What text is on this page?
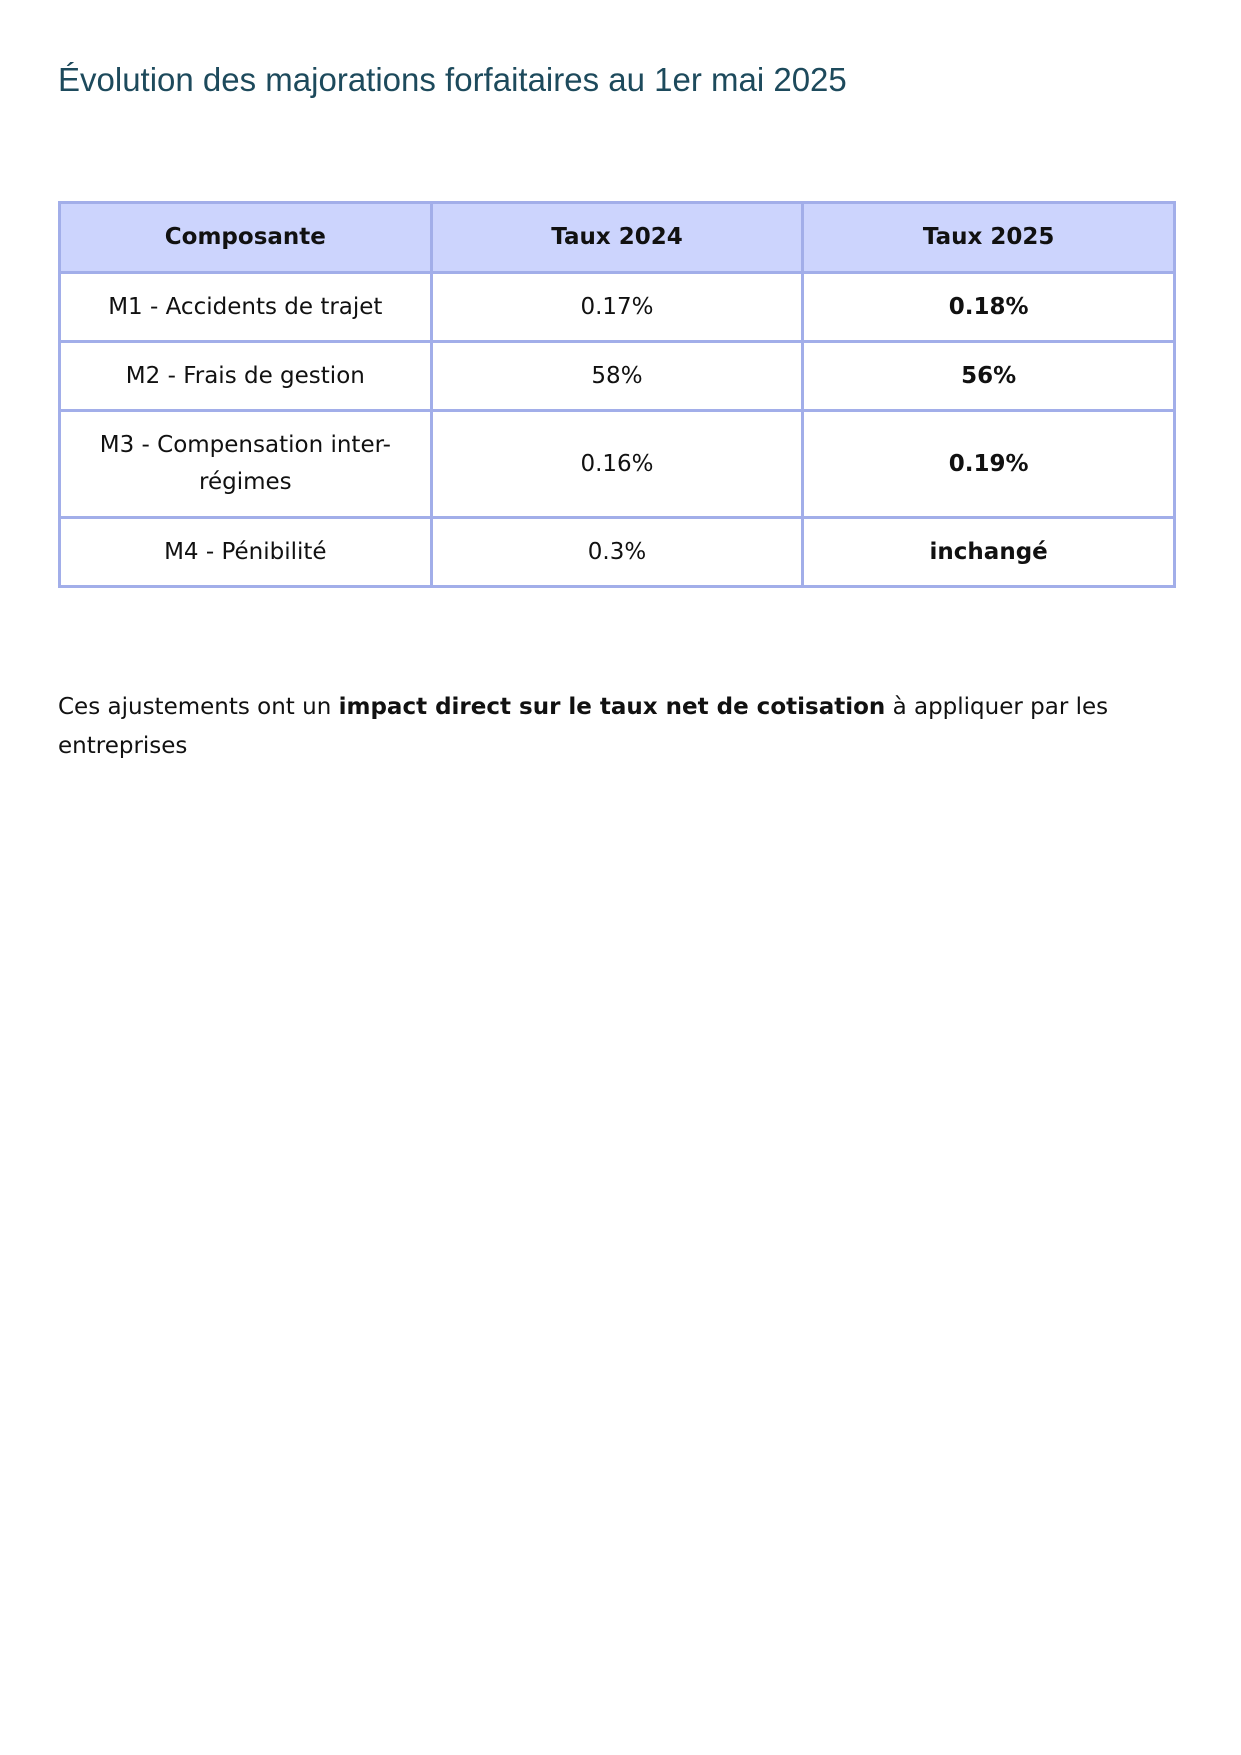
Évolution des majorations forfaitaires au 1er mai 2025
Composante	Taux 2024	Taux 2025
M1 - Accidents de trajet	0.17%	0.18%
M2 - Frais de gestion	58%	56%
M3 - Compensation inter-régimes	0.16%	0.19%
M4 - Pénibilité	0.3%	inchangé

Ces ajustements ont un impact direct sur le taux net de cotisation à appliquer par les entreprises
